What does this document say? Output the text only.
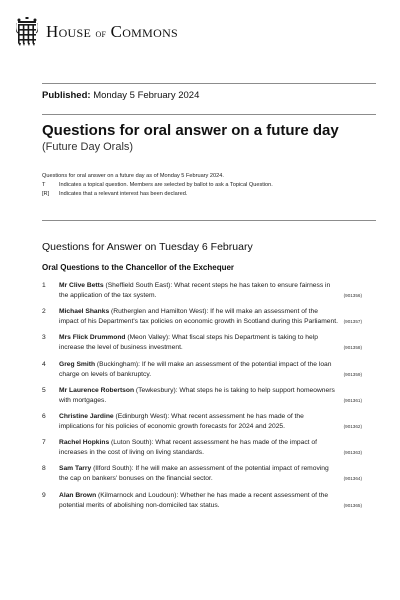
House of Commons
Published: Monday 5 February 2024
Questions for oral answer on a future day
(Future Day Orals)
Questions for oral answer on a future day as of Monday 5 February 2024.
T	Indicates a topical question. Members are selected by ballot to ask a Topical Question.
[R]	Indicates that a relevant interest has been declared.
Questions for Answer on Tuesday 6 February
Oral Questions to the Chancellor of the Exchequer
1 Mr Clive Betts (Sheffield South East): What recent steps he has taken to ensure fairness in the application of the tax system.	(901356)
2 Michael Shanks (Rutherglen and Hamilton West): If he will make an assessment of the impact of his Department's tax policies on economic growth in Scotland during this Parliament.	(901357)
3 Mrs Flick Drummond (Meon Valley): What fiscal steps his Department is taking to help increase the level of business investment.	(901358)
4 Greg Smith (Buckingham): If he will make an assessment of the potential impact of the loan charge on levels of bankruptcy.	(901359)
5 Mr Laurence Robertson (Tewkesbury): What steps he is taking to help support homeowners with mortgages.	(901361)
6 Christine Jardine (Edinburgh West): What recent assessment he has made of the implications for his policies of economic growth forecasts for 2024 and 2025.	(901362)
7 Rachel Hopkins (Luton South): What recent assessment he has made of the impact of increases in the cost of living on living standards.	(901363)
8 Sam Tarry (Ilford South): If he will make an assessment of the potential impact of removing the cap on bankers' bonuses on the financial sector.	(901364)
9 Alan Brown (Kilmarnock and Loudoun): Whether he has made a recent assessment of the potential merits of abolishing non-domiciled tax status.	(901365)
